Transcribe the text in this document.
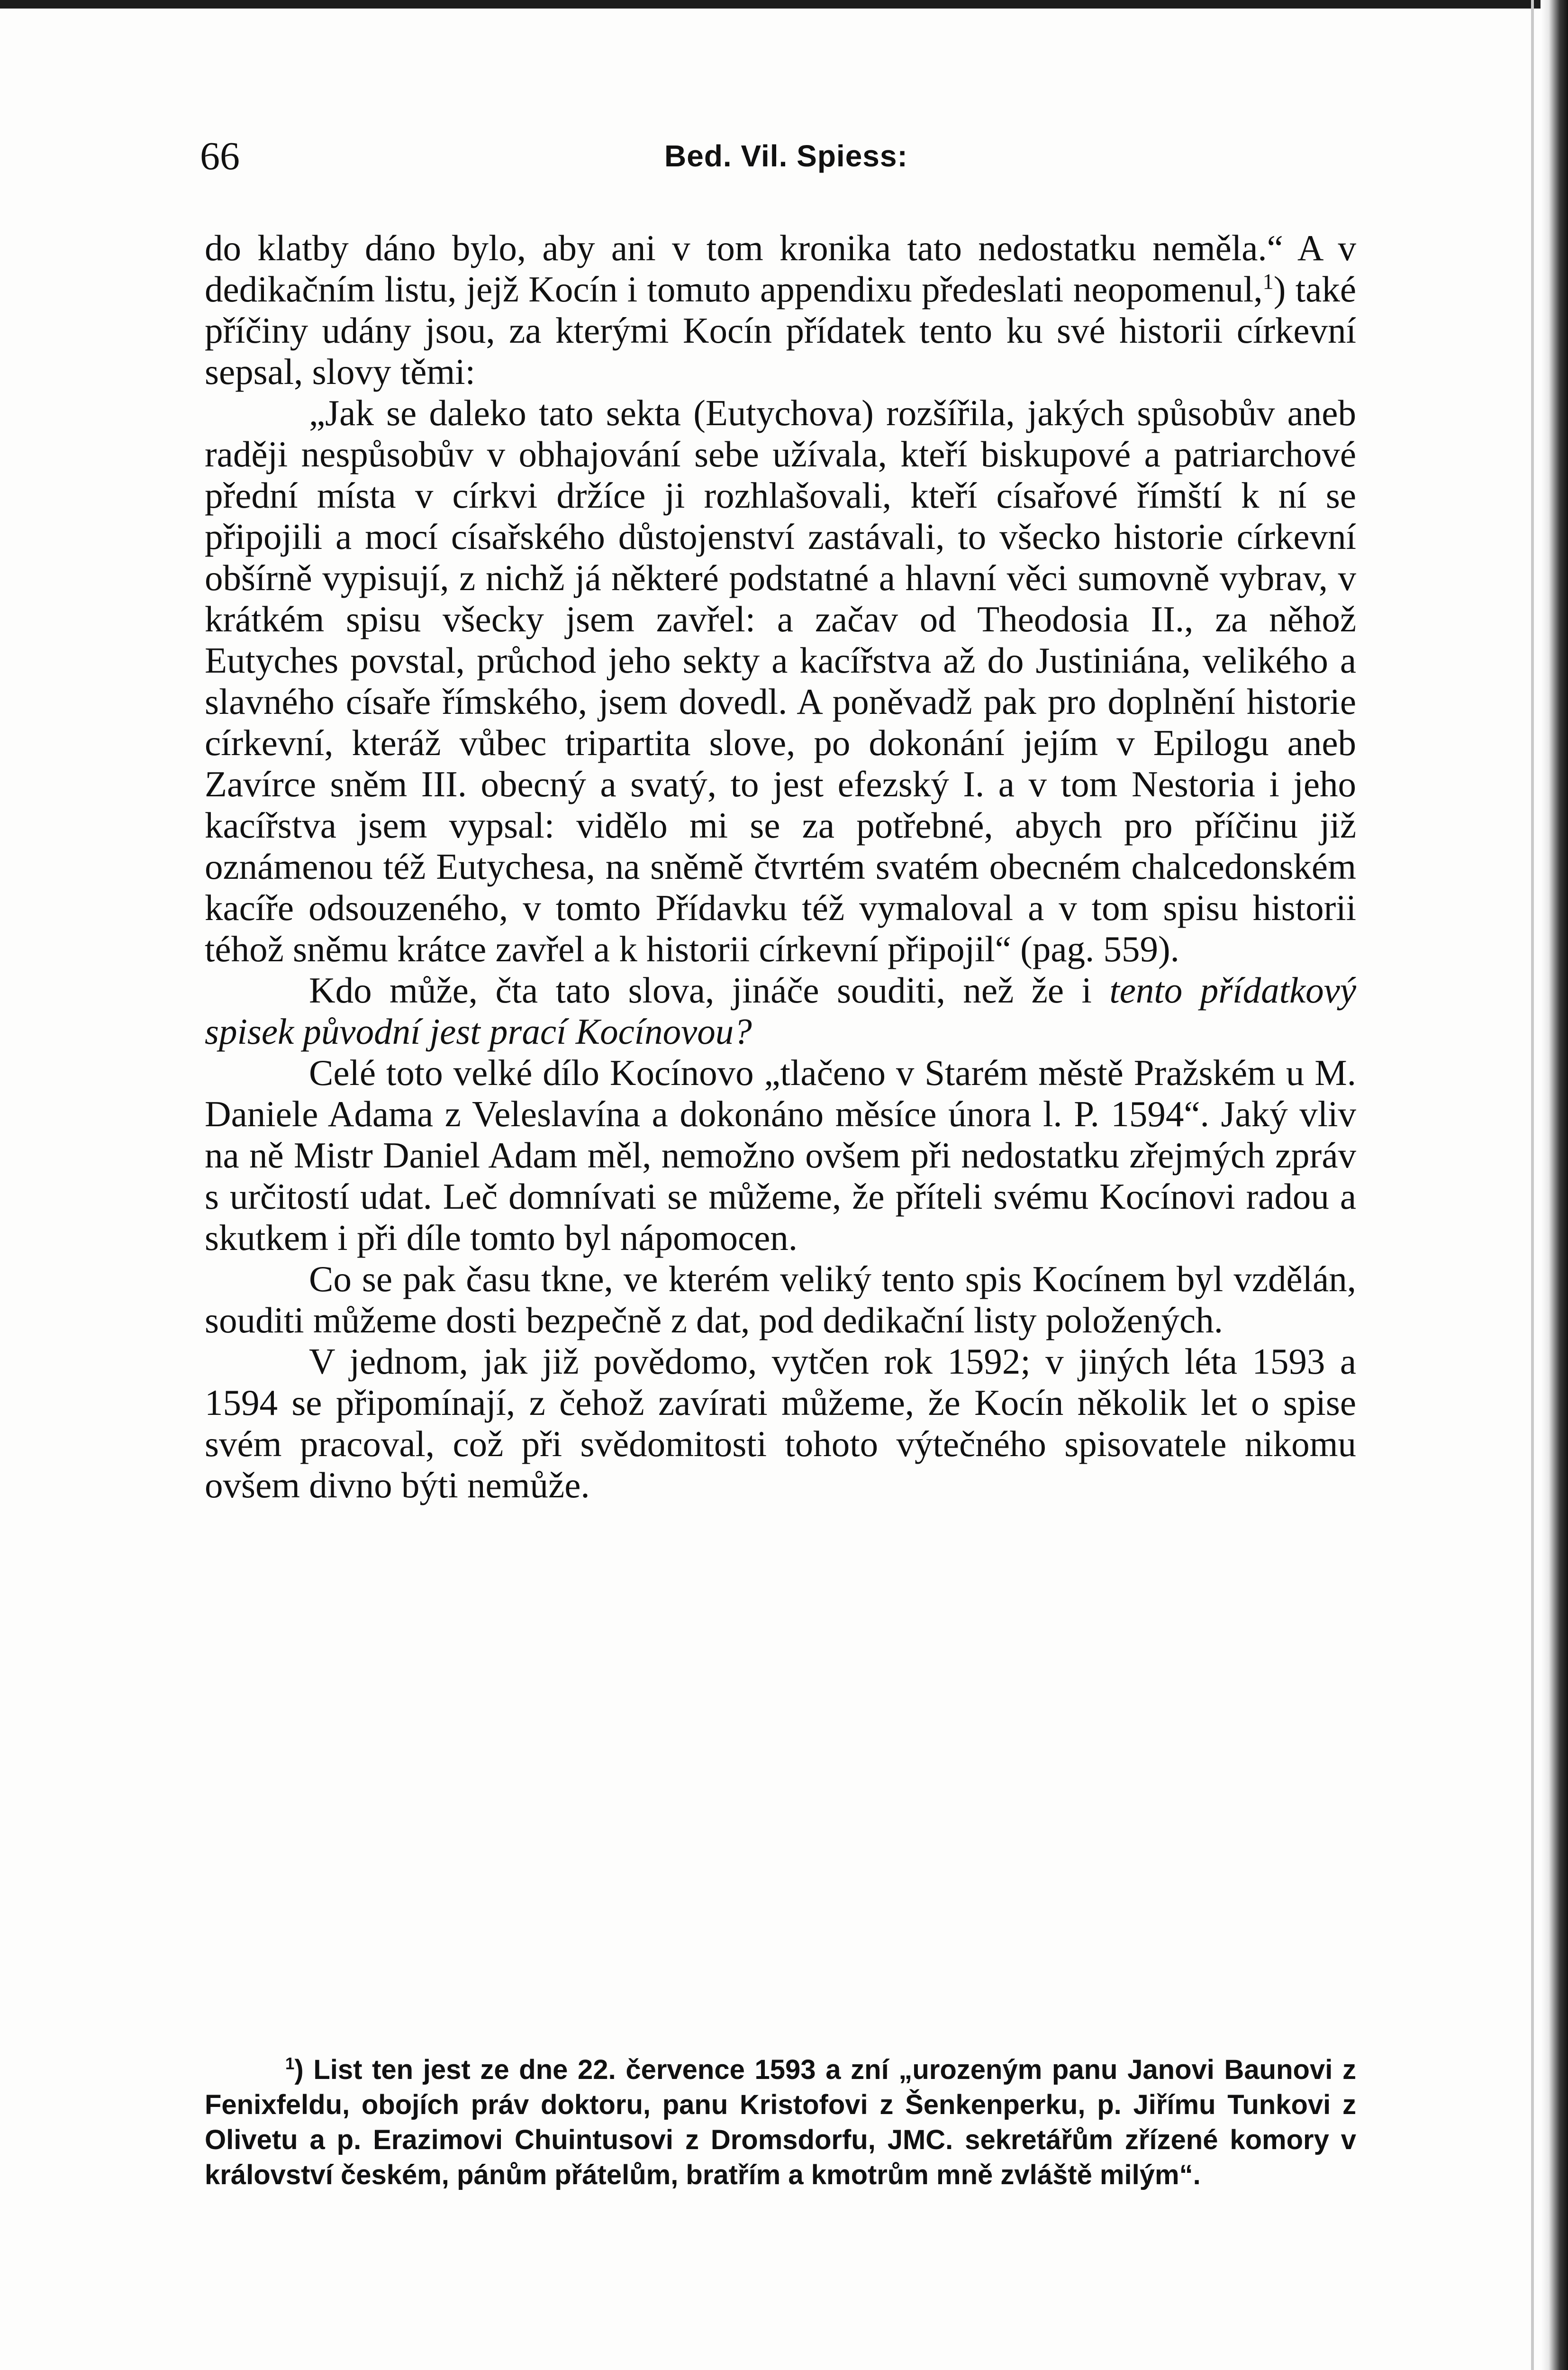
66	Bed. Vil. Spiess:

do klatby dáno bylo, aby ani v tom kronika tato nedostatku neměla.“ A v dedikačním listu, jejž Kocín i tomuto appendixu předeslati neopomenul,$^1$) také příčiny udány jsou, za kterými Kocín přídatek tento ku své historii církevní sepsal, slovy těmi:

„Jak se daleko tato sekta (Eutychova) rozšířila, jakých spůsobův aneb raději nespůsobův v obhajování sebe užívala, kteří biskupové a patriarchové přední místa v církvi držíce ji rozhlašovali, kteří císařové římští k ní se připojili a mocí císařského důstojenství zastávali, to všecko historie církevní obšírně vypisují, z nichž já některé podstatné a hlavní věci sumovně vybrav, v krátkém spisu všecky jsem zavřel: a začav od Theodosia II., za něhož Eutyches povstal, průchod jeho sekty a kacířstva až do Justiniána, velikého a slavného císaře římského, jsem dovedl. A poněvadž pak pro doplnění historie církevní, kteráž vůbec tripartita slove, po dokonání jejím v Epilogu aneb Zavírce sněm III. obecný a svatý, to jest efezský I. a v tom Nestoria i jeho kacířstva jsem vypsal: vidělo mi se za potřebné, abych pro příčinu již oznámenou též Eutychesa, na sněmě čtvrtém svatém obecném chalcedonském kacíře odsouzeného, v tomto Přídavku též vymaloval a v tom spisu historii téhož sněmu krátce zavřel a k historii církevní připojil“ (pag. 559).

Kdo může, čta tato slova, jináče souditi, než že i tento přídatkový spisek původní jest prací Kocínovou?

Celé toto velké dílo Kocínovo „tlačeno v Starém městě Pražském u M. Daniele Adama z Veleslavína a dokonáno měsíce února l. P. 1594“. Jaký vliv na ně Mistr Daniel Adam měl, nemožno ovšem při nedostatku zřejmých zpráv s určitostí udat. Leč domnívati se můžeme, že příteli svému Kocínovi radou a skutkem i při díle tomto byl nápomocen.

Co se pak času tkne, ve kterém veliký tento spis Kocínem byl vzdělán, souditi můžeme dosti bezpečně z dat, pod dedikační listy položených.

V jednom, jak již povědomo, vytčen rok 1592; v jiných léta 1593 a 1594 se připomínají, z čehož zavírati můžeme, že Kocín několik let o spise svém pracoval, což při svědomitosti tohoto výtečného spisovatele nikomu ovšem divno býti nemůže.

$^1$) List ten jest ze dne 22. července 1593 a zní „urozeným panu Janovi Baunovi z Fenixfeldu, obojích práv doktoru, panu Kristofovi z Šenkenperku, p. Jiřímu Tunkovi z Olivetu a p. Erazimovi Chuintusovi z Dromsdorfu, JMC. sekretářům zřízené komory v království českém, pánům přátelům, bratřím a kmotrům mně zvláště milým“.
